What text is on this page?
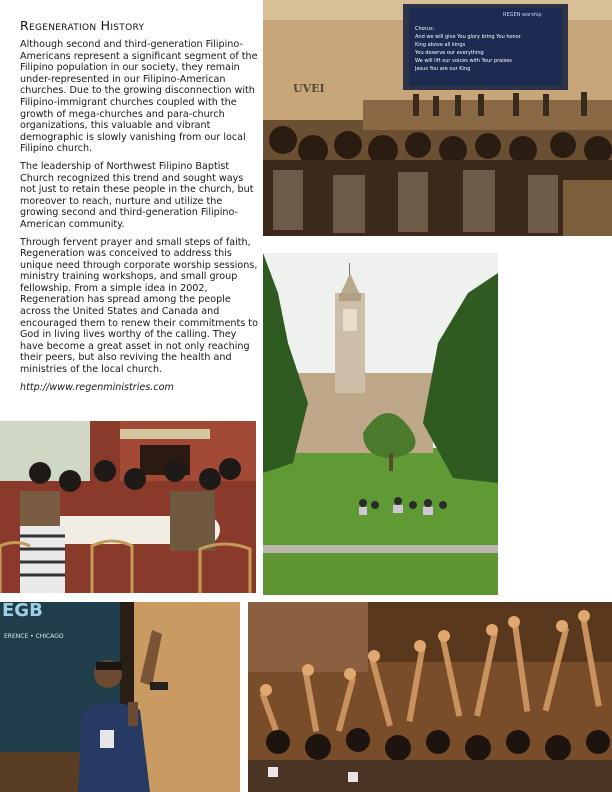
Regeneration History

Although second and third-generation Filipino-Americans represent a significant segment of the Filipino population in our society, they remain under-represented in our Filipino-American churches. Due to the growing disconnection with Filipino-immigrant churches coupled with the growth of mega-churches and para-church organizations, this valuable and vibrant demographic is slowly vanishing from our local Filipino church.

The leadership of Northwest Filipino Baptist Church recognized this trend and sought ways not just to retain these people in the church, but moreover to reach, nurture and utilize the growing second and third-generation Filipino-American community.

Through fervent prayer and small steps of faith, Regeneration was conceived to address this unique need through corporate worship sessions, ministry training workshops, and small group fellowship. From a simple idea in 2002, Regeneration has spread among the people across the United States and Canada and encouraged them to renew their commitments to God in living lives worthy of the calling. They have become a great asset in not only reaching their peers, but also reviving the health and ministries of the local church.

http://www.regenministries.com

REGEN worship
Chorus:
And we will give You glory bring You honor
King above all kings
You deserve our everything
We will lift our voices with Your praises
Jesus You are our King
UVEI
EGB
ERENCE • CHICAGO
